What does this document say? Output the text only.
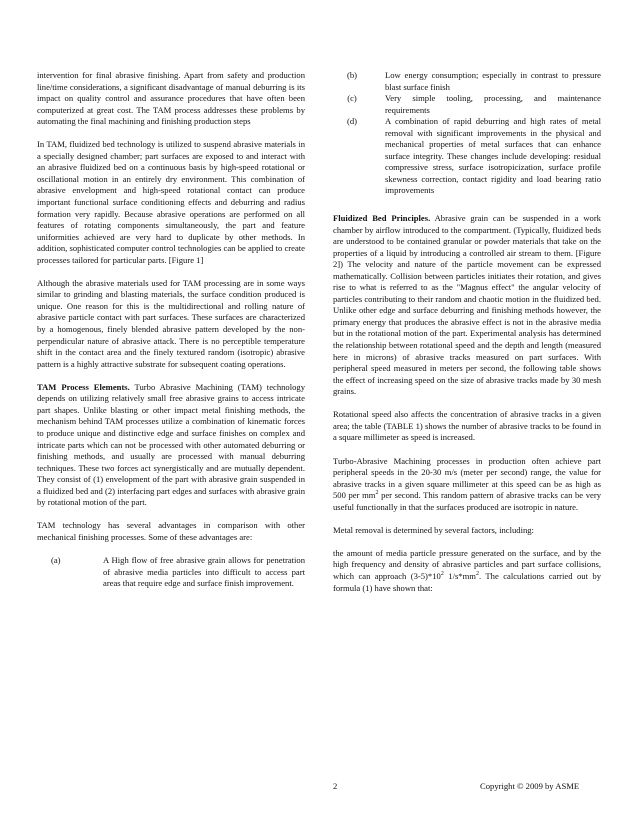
intervention for final abrasive finishing. Apart from safety and production line/time considerations, a significant disadvantage of manual deburring is its impact on quality control and assurance procedures that have often been computerized at great cost. The TAM process addresses these problems by automating the final machining and finishing production steps

In TAM, fluidized bed technology is utilized to suspend abrasive materials in a specially designed chamber; part surfaces are exposed to and interact with an abrasive fluidized bed on a continuous basis by high-speed rotational or oscillational motion in an entirely dry environment. This combination of abrasive envelopment and high-speed rotational contact can produce important functional surface conditioning effects and deburring and radius formation very rapidly. Because abrasive operations are performed on all features of rotating components simultaneously, the part and feature uniformities achieved are very hard to duplicate by other methods. In addition, sophisticated computer control technologies can be applied to create processes tailored for particular parts. [Figure 1]

Although the abrasive materials used for TAM processing are in some ways similar to grinding and blasting materials, the surface condition produced is unique. One reason for this is the multidirectional and rolling nature of abrasive particle contact with part surfaces. These surfaces are characterized by a homogenous, finely blended abrasive pattern developed by the non-perpendicular nature of abrasive attack. There is no perceptible temperature shift in the contact area and the finely textured random (isotropic) abrasive pattern is a highly attractive substrate for subsequent coating operations.

TAM Process Elements. Turbo Abrasive Machining (TAM) technology depends on utilizing relatively small free abrasive grains to access intricate part shapes. Unlike blasting or other impact metal finishing methods, the mechanism behind TAM processes utilize a combination of kinematic forces to produce unique and distinctive edge and surface finishes on complex and intricate parts which can not be processed with other automated deburring or finishing methods, and usually are processed with manual deburring techniques. These two forces act synergistically and are mutually dependent. They consist of (1) envelopment of the part with abrasive grain suspended in a fluidized bed and (2) interfacing part edges and surfaces with abrasive grain by rotational motion of the part.

TAM technology has several advantages in comparison with other mechanical finishing processes. Some of these advantages are:

(a)	A High flow of free abrasive grain allows for penetration of abrasive media particles into difficult to access part areas that require edge and surface finish improvement.
(b)	Low energy consumption; especially in contrast to pressure blast surface finish
(c)	Very simple tooling, processing, and maintenance requirements
(d)	A combination of rapid deburring and high rates of metal removal with significant improvements in the physical and mechanical properties of metal surfaces that can enhance surface integrity. These changes include developing: residual compressive stress, surface isotropicization, surface profile skewness correction, contact rigidity and load bearing ratio improvements

Fluidized Bed Principles. Abrasive grain can be suspended in a work chamber by airflow introduced to the compartment. (Typically, fluidized beds are understood to be contained granular or powder materials that take on the properties of a liquid by introducing a controlled air stream to them. [Figure 2]) The velocity and nature of the particle movement can be expressed mathematically. Collision between particles initiates their rotation, and gives rise to what is referred to as the "Magnus effect" the angular velocity of particles contributing to their random and chaotic motion in the fluidized bed. Unlike other edge and surface deburring and finishing methods however, the primary energy that produces the abrasive effect is not in the abrasive media but in the rotational motion of the part. Experimental analysis has determined the relationship between rotational speed and the depth and length (measured here in microns) of abrasive tracks measured on part surfaces. With peripheral speed measured in meters per second, the following table shows the effect of increasing speed on the size of abrasive tracks made by 30 mesh grains.

Rotational speed also affects the concentration of abrasive tracks in a given area; the table (TABLE 1) shows the number of abrasive tracks to be found in a square millimeter as speed is increased.

Turbo-Abrasive Machining processes in production often achieve part peripheral speeds in the 20-30 m/s (meter per second) range, the value for abrasive tracks in a given square millimeter at this speed can be as high as 500 per $mm^2$ per second. This random pattern of abrasive tracks can be very useful functionally in that the surfaces produced are isotropic in nature.

Metal removal is determined by several factors, including:

the amount of media particle pressure generated on the surface, and by the high frequency and density of abrasive particles and part surface collisions, which can approach $(3-5)*10^2$ $1/s*mm^2$. The calculations carried out by formula (1) have shown that:

2	Copyright © 2009 by ASME
